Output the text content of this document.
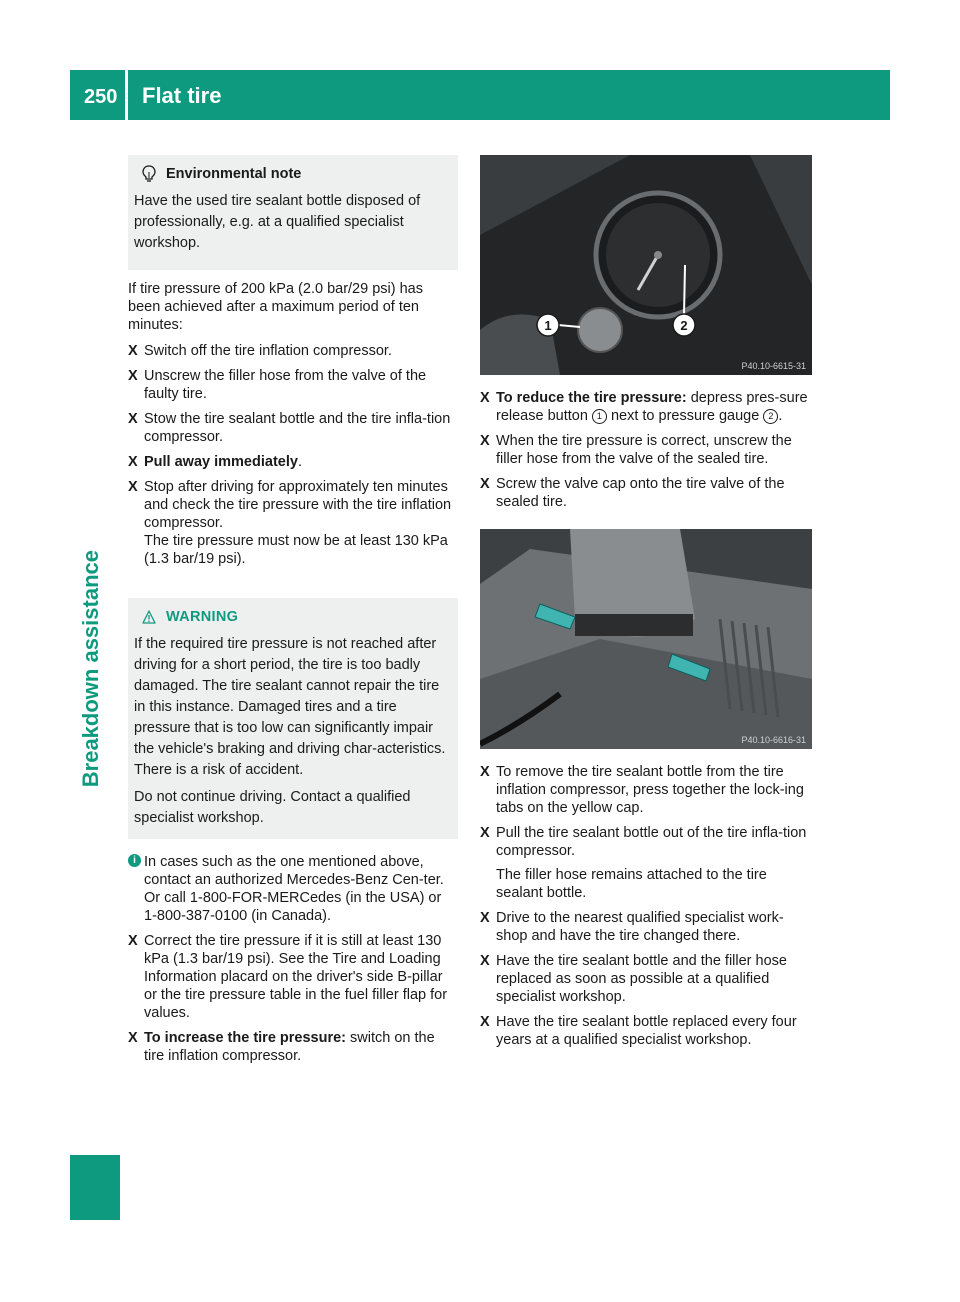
250 Flat tire
Breakdown assistance
Environmental note

Have the used tire sealant bottle disposed of professionally, e.g. at a qualified specialist workshop.

If tire pressure of 200 kPa (2.0 bar/29 psi) has been achieved after a maximum period of ten minutes:

X Switch off the tire inflation compressor.
X Unscrew the filler hose from the valve of the faulty tire.
X Stow the tire sealant bottle and the tire infla-tion compressor.
X Pull away immediately.
X Stop after driving for approximately ten minutes and check the tire pressure with the tire inflation compressor.
The tire pressure must now be at least 130 kPa (1.3 bar/19 psi).
WARNING

If the required tire pressure is not reached after driving for a short period, the tire is too badly damaged. The tire sealant cannot repair the tire in this instance. Damaged tires and a tire pressure that is too low can significantly impair the vehicle's braking and driving char-acteristics. There is a risk of accident.

Do not continue driving. Contact a qualified specialist workshop.

i In cases such as the one mentioned above, contact an authorized Mercedes-Benz Cen-ter. Or call 1-800-FOR-MERCedes (in the USA) or 1-800-387-0100 (in Canada).
X Correct the tire pressure if it is still at least 130 kPa (1.3 bar/19 psi). See the Tire and Loading Information placard on the driver's side B-pillar or the tire pressure table in the fuel filler flap for values.
X To increase the tire pressure: switch on the tire inflation compressor.
1	2
P40.10-6615-31
X To reduce the tire pressure: depress pres-sure release button 1 next to pressure gauge 2 .
X When the tire pressure is correct, unscrew the filler hose from the valve of the sealed tire.
X Screw the valve cap onto the tire valve of the sealed tire.
P40.10-6616-31
X To remove the tire sealant bottle from the tire inflation compressor, press together the lock-ing tabs on the yellow cap.
X Pull the tire sealant bottle out of the tire infla-tion compressor.
The filler hose remains attached to the tire sealant bottle.
X Drive to the nearest qualified specialist work-shop and have the tire changed there.
X Have the tire sealant bottle and the filler hose replaced as soon as possible at a qualified specialist workshop.
X Have the tire sealant bottle replaced every four years at a qualified specialist workshop.
